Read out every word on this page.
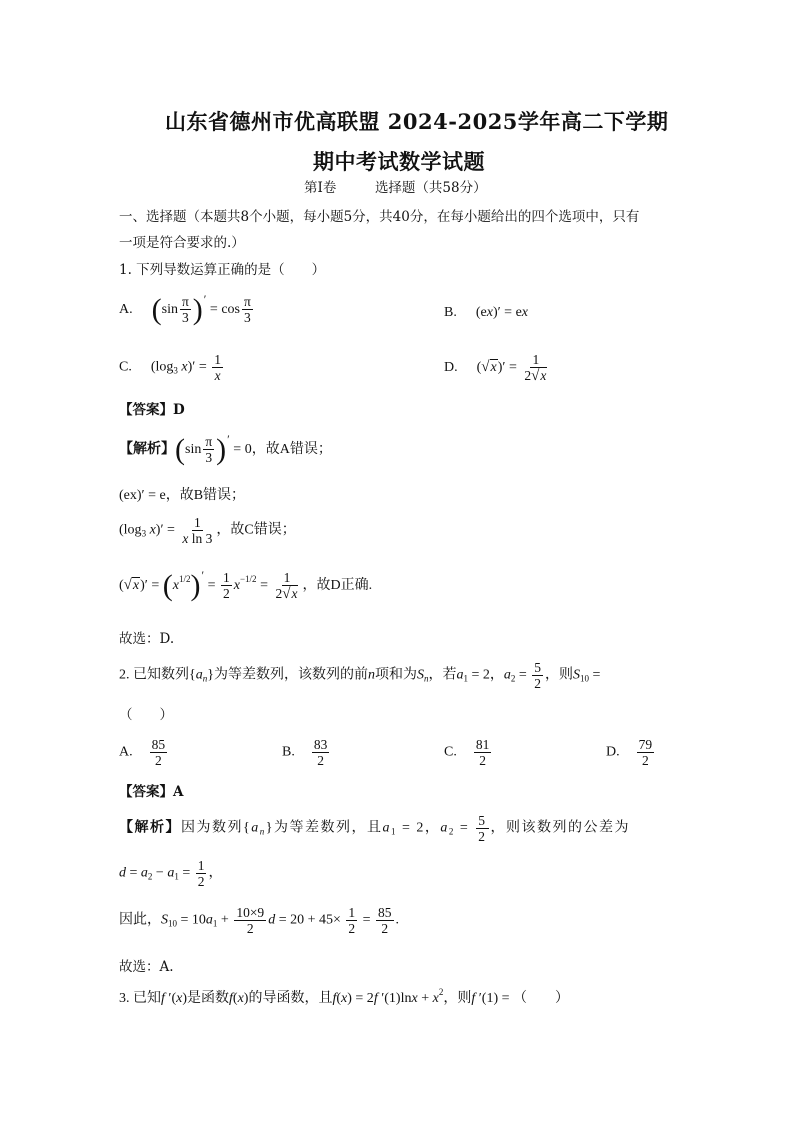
山东省德州市优高联盟 2024-2025学年高二下学期
期中考试数学试题
第Ⅰ卷	选择题（共58分）
一、选择题（本题共8个小题，每小题5分，共40分，在每小题给出的四个选项中，只有
一项是符合要求的.）
1. 下列导数运算正确的是（　　）
A. ($\sin \frac{\pi}{3}$ )′ = $\cos \frac{\pi}{3}$	B.  (ex)′ = ex
C.  ($\log_3$ $x)' = \frac{1}{x}$	D.  $(√x)' = \frac{1}{2√x}$
【答案】D
【解析】($\sin \frac{\pi}{3}$ )′ = 0，故A错误；
(ex)′ = e，故B错误；
($\log_3$ $x)' = \frac{1}{\text{x ln 3}}$ ，故C错误；
$(√x)' = (x^{1/2})' = \frac{1}{2} x^{-1/2} = \frac{1}{2√x}$ ，故D正确.
故选：D.
2. 已知数列$\{a_n\}$为等差数列，该数列的前n项和为$S_n$，若$a_1 = 2$，$a_2 = \frac{5}{2}$ ，则$S_{10}$ =
（　　）
A. $\frac{85}{2}$	B. $\frac{83}{2}$	C. $\frac{81}{2}$	D. $\frac{79}{2}$
【答案】A
【解析】因为数列$\{a_n\}$为等差数列，且$a_1 = 2$，$a_2 = \frac{5}{2}$ ，则该数列的公差为
$d = a_2 - a_1 = \frac{1}{2}$ ，
因此，$S_{10} = 10a_1 + \frac{10\times 9}{2}$ $d = 20 + 45\times \frac{1}{2} = \frac{85}{2}$ .
故选：A.
3. 已知f ′(x)是函数f(x)的导函数，且f(x) = 2f $'(1)\ln x + x^2$，则f ′(1) = （　　）
